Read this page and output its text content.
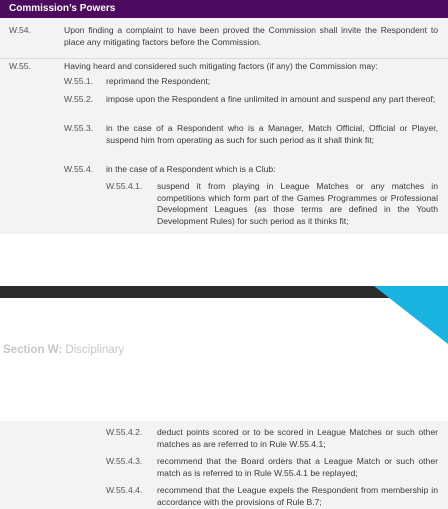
Commission’s Powers

W.54.	Upon finding a complaint to have been proved the Commission shall invite the Respondent to place any mitigating factors before the Commission.

W.55.	Having heard and considered such mitigating factors (if any) the Commission may:

W.55.1. reprimand the Respondent;

W.55.2. impose upon the Respondent a fine unlimited in amount and suspend any part thereof;

W.55.3. in the case of a Respondent who is a Manager, Match Official, Official or Player, suspend him from operating as such for such period as it shall think fit;

W.55.4. in the case of a Respondent which is a Club:

W.55.4.1. suspend it from playing in League Matches or any matches in competitions which form part of the Games Programmes or Professional Development Leagues (as those terms are defined in the Youth Development Rules) for such period as it thinks fit;

Section W: Disciplinary

W.55.4.2. deduct points scored or to be scored in League Matches or such other matches as are referred to in Rule W.55.4.1;

W.55.4.3. recommend that the Board orders that a League Match or such other match as is referred to in Rule W.55.4.1 be replayed;

W.55.4.4. recommend that the League expels the Respondent from membership in accordance with the provisions of Rule B.7;
